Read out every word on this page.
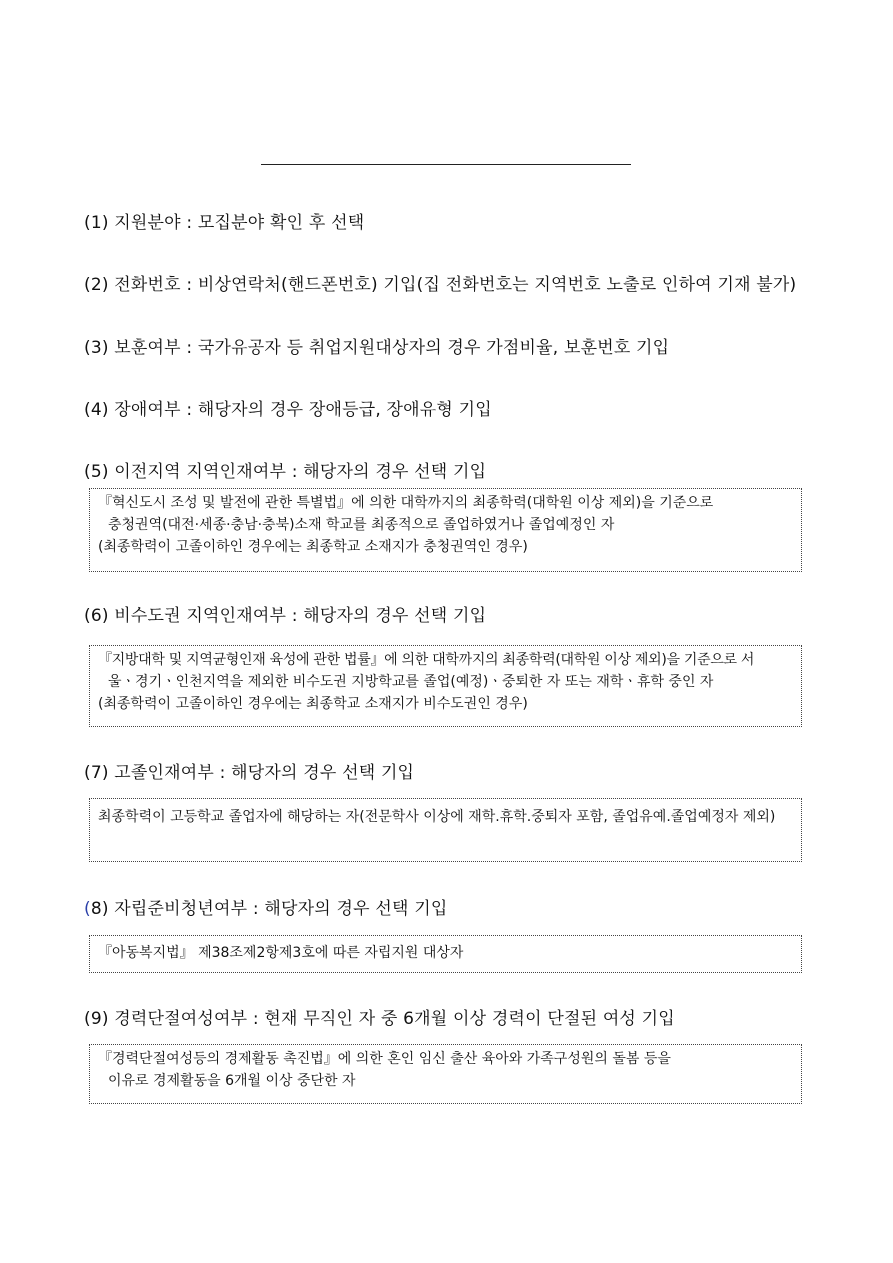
(1) 지원분야 : 모집분야 확인 후 선택
(2) 전화번호 : 비상연락처(핸드폰번호) 기입(집 전화번호는 지역번호 노출로 인하여 기재 불가)
(3) 보훈여부 : 국가유공자 등 취업지원대상자의 경우 가점비율, 보훈번호 기입
(4) 장애여부 : 해당자의 경우 장애등급, 장애유형 기입
(5) 이전지역 지역인재여부 : 해당자의 경우 선택 기입

『혁신도시 조성 및 발전에 관한 특별법』에 의한 대학까지의 최종학력(대학원 이상 제외)을 기준으로

충청권역(대전·세종·충남·충북)소재 학교를 최종적으로 졸업하였거나 졸업예정인 자

(최종학력이 고졸이하인 경우에는 최종학교 소재지가 충청권역인 경우)

(6) 비수도권 지역인재여부 : 해당자의 경우 선택 기입

『지방대학 및 지역균형인재 육성에 관한 법률』에 의한 대학까지의 최종학력(대학원 이상 제외)을 기준으로 서

울ㆍ경기ㆍ인천지역을 제외한 비수도권 지방학교를 졸업(예정)ㆍ중퇴한 자 또는 재학ㆍ휴학 중인 자

(최종학력이 고졸이하인 경우에는 최종학교 소재지가 비수도권인 경우)

(7) 고졸인재여부 : 해당자의 경우 선택 기입

최종학력이 고등학교 졸업자에 해당하는 자(전문학사 이상에 재학.휴학.중퇴자 포함, 졸업유예.졸업예정자 제외)

(8) 자립준비청년여부 : 해당자의 경우 선택 기입

『아동복지법』 제38조제2항제3호에 따른 자립지원 대상자

(9) 경력단절여성여부 : 현재 무직인 자 중 6개월 이상 경력이 단절된 여성 기입

『경력단절여성등의 경제활동 촉진법』에 의한 혼인 임신 출산 육아와 가족구성원의 돌봄 등을

이유로 경제활동을 6개월 이상 중단한 자
